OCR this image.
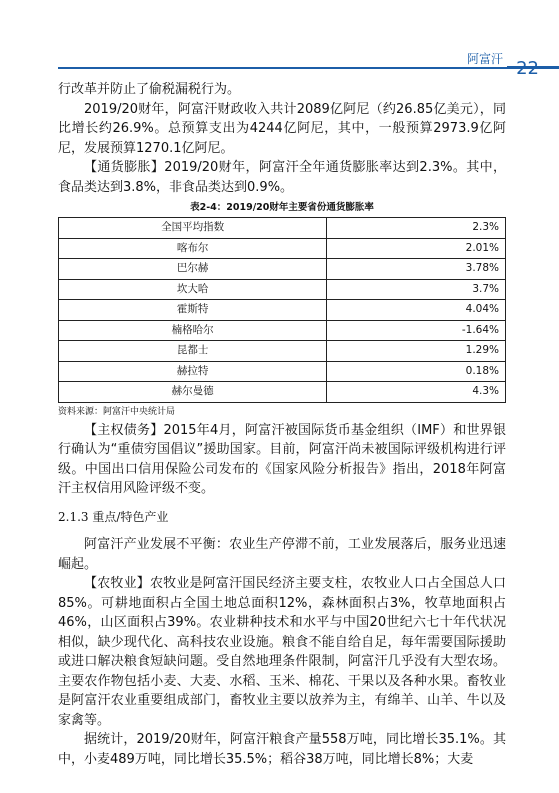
阿富汗

行改革并防止了偷税漏税行为。

2019/20财年，阿富汗财政收入共计2089亿阿尼（约26.85亿美元），同比增长约26.9%。总预算支出为4244亿阿尼，其中，一般预算2973.9亿阿尼，发展预算1270.1亿阿尼。

【通货膨胀】2019/20财年，阿富汗全年通货膨胀率达到2.3%。其中，食品类达到3.8%，非食品类达到0.9%。

表2-4：2019/20财年主要省份通货膨胀率
全国平均指数	2.3%
喀布尔	2.01%
巴尔赫	3.78%
坎大哈	3.7%
霍斯特	4.04%
楠格哈尔	-1.64%
昆都士	1.29%
赫拉特	0.18%
赫尔曼德	4.3%
资料来源：阿富汗中央统计局

【主权债务】2015年4月，阿富汗被国际货币基金组织（IMF）和世界银行确认为“重债穷国倡议”援助国家。目前，阿富汗尚未被国际评级机构进行评级。中国出口信用保险公司发布的《国家风险分析报告》指出，2018年阿富汗主权信用风险评级不变。

2.1.3 重点/特色产业

阿富汗产业发展不平衡：农业生产停滞不前，工业发展落后，服务业迅速崛起。

【农牧业】农牧业是阿富汗国民经济主要支柱，农牧业人口占全国总人口85%。可耕地面积占全国土地总面积12%，森林面积占3%，牧草地面积占46%，山区面积占39%。农业耕种技术和水平与中国20世纪六七十年代状况相似，缺少现代化、高科技农业设施。粮食不能自给自足，每年需要国际援助或进口解决粮食短缺问题。受自然地理条件限制，阿富汗几乎没有大型农场。主要农作物包括小麦、大麦、水稻、玉米、棉花、干果以及各种水果。畜牧业是阿富汗农业重要组成部门，畜牧业主要以放养为主，有绵羊、山羊、牛以及家禽等。

据统计，2019/20财年，阿富汗粮食产量558万吨，同比增长35.1%。其中，小麦489万吨，同比增长35.5%；稻谷38万吨，同比增长8%；大麦
